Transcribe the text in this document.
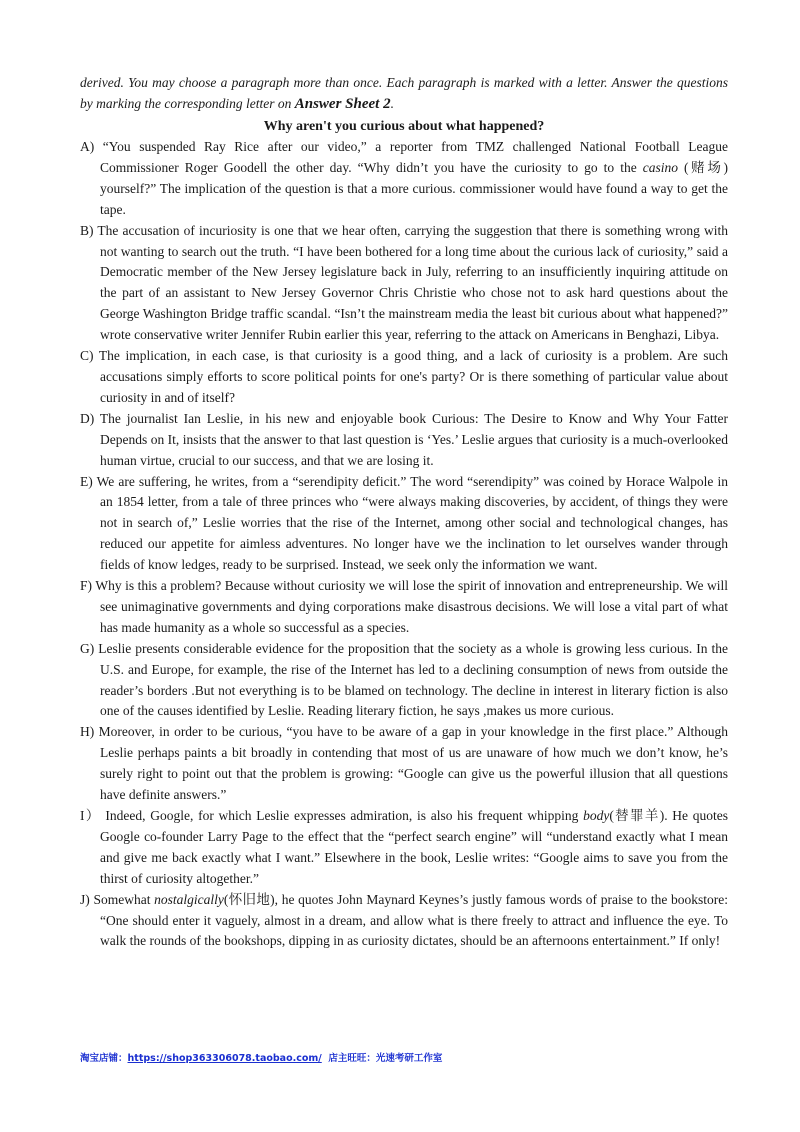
derived. You may choose a paragraph more than once. Each paragraph is marked with a letter. Answer the questions by marking the corresponding letter on Answer Sheet 2.

Why aren't you curious about what happened?

A) “You suspended Ray Rice after our video,” a reporter from TMZ challenged National Football League Commissioner Roger Goodell the other day. “Why didn’t you have the curiosity to go to the casino (赌场) yourself?” The implication of the question is that a more curious. commissioner would have found a way to get the tape.

B) The accusation of incuriosity is one that we hear often, carrying the suggestion that there is something wrong with not wanting to search out the truth. “I have been bothered for a long time about the curious lack of curiosity,” said a Democratic member of the New Jersey legislature back in July, referring to an insufficiently inquiring attitude on the part of an assistant to New Jersey Governor Chris Christie who chose not to ask hard questions about the George Washington Bridge traffic scandal. “Isn’t the mainstream media the least bit curious about what happened?” wrote conservative writer Jennifer Rubin earlier this year, referring to the attack on Americans in Benghazi, Libya.

C) The implication, in each case, is that curiosity is a good thing, and a lack of curiosity is a problem. Are such accusations simply efforts to score political points for one's party? Or is there something of particular value about curiosity in and of itself?

D) The journalist Ian Leslie, in his new and enjoyable book Curious: The Desire to Know and Why Your Fatter Depends on It, insists that the answer to that last question is ‘Yes.’ Leslie argues that curiosity is a much-overlooked human virtue, crucial to our success, and that we are losing it.

E) We are suffering, he writes, from a “serendipity deficit.” The word “serendipity” was coined by Horace Walpole in an 1854 letter, from a tale of three princes who “were always making discoveries, by accident, of things they were not in search of,” Leslie worries that the rise of the Internet, among other social and technological changes, has reduced our appetite for aimless adventures. No longer have we the inclination to let ourselves wander through fields of know ledges, ready to be surprised. Instead, we seek only the information we want.

F) Why is this a problem? Because without curiosity we will lose the spirit of innovation and entrepreneurship. We will see unimaginative governments and dying corporations make disastrous decisions. We will lose a vital part of what has made humanity as a whole so successful as a species.

G) Leslie presents considerable evidence for the proposition that the society as a whole is growing less curious. In the U.S. and Europe, for example, the rise of the Internet has led to a declining consumption of news from outside the reader’s borders .But not everything is to be blamed on technology. The decline in interest in literary fiction is also one of the causes identified by Leslie. Reading literary fiction, he says ,makes us more curious.

H) Moreover, in order to be curious, “you have to be aware of a gap in your knowledge in the first place.” Although Leslie perhaps paints a bit broadly in contending that most of us are unaware of how much we don’t know, he’s surely right to point out that the problem is growing: “Google can give us the powerful illusion that all questions have definite answers.”

I） Indeed, Google, for which Leslie expresses admiration, is also his frequent whipping body(替罪羊). He quotes Google co-founder Larry Page to the effect that the “perfect search engine” will “understand exactly what I mean and give me back exactly what I want.” Elsewhere in the book, Leslie writes: “Google aims to save you from the thirst of curiosity altogether.”

J) Somewhat nostalgically(怀旧地), he quotes John Maynard Keynes’s justly famous words of praise to the bookstore: “One should enter it vaguely, almost in a dream, and allow what is there freely to attract and influence the eye. To walk the rounds of the bookshops, dipping in as curiosity dictates, should be an afternoons entertainment.” If only!

淘宝店铺：https://shop363306078.taobao.com/ 店主旺旺：光速考研工作室
